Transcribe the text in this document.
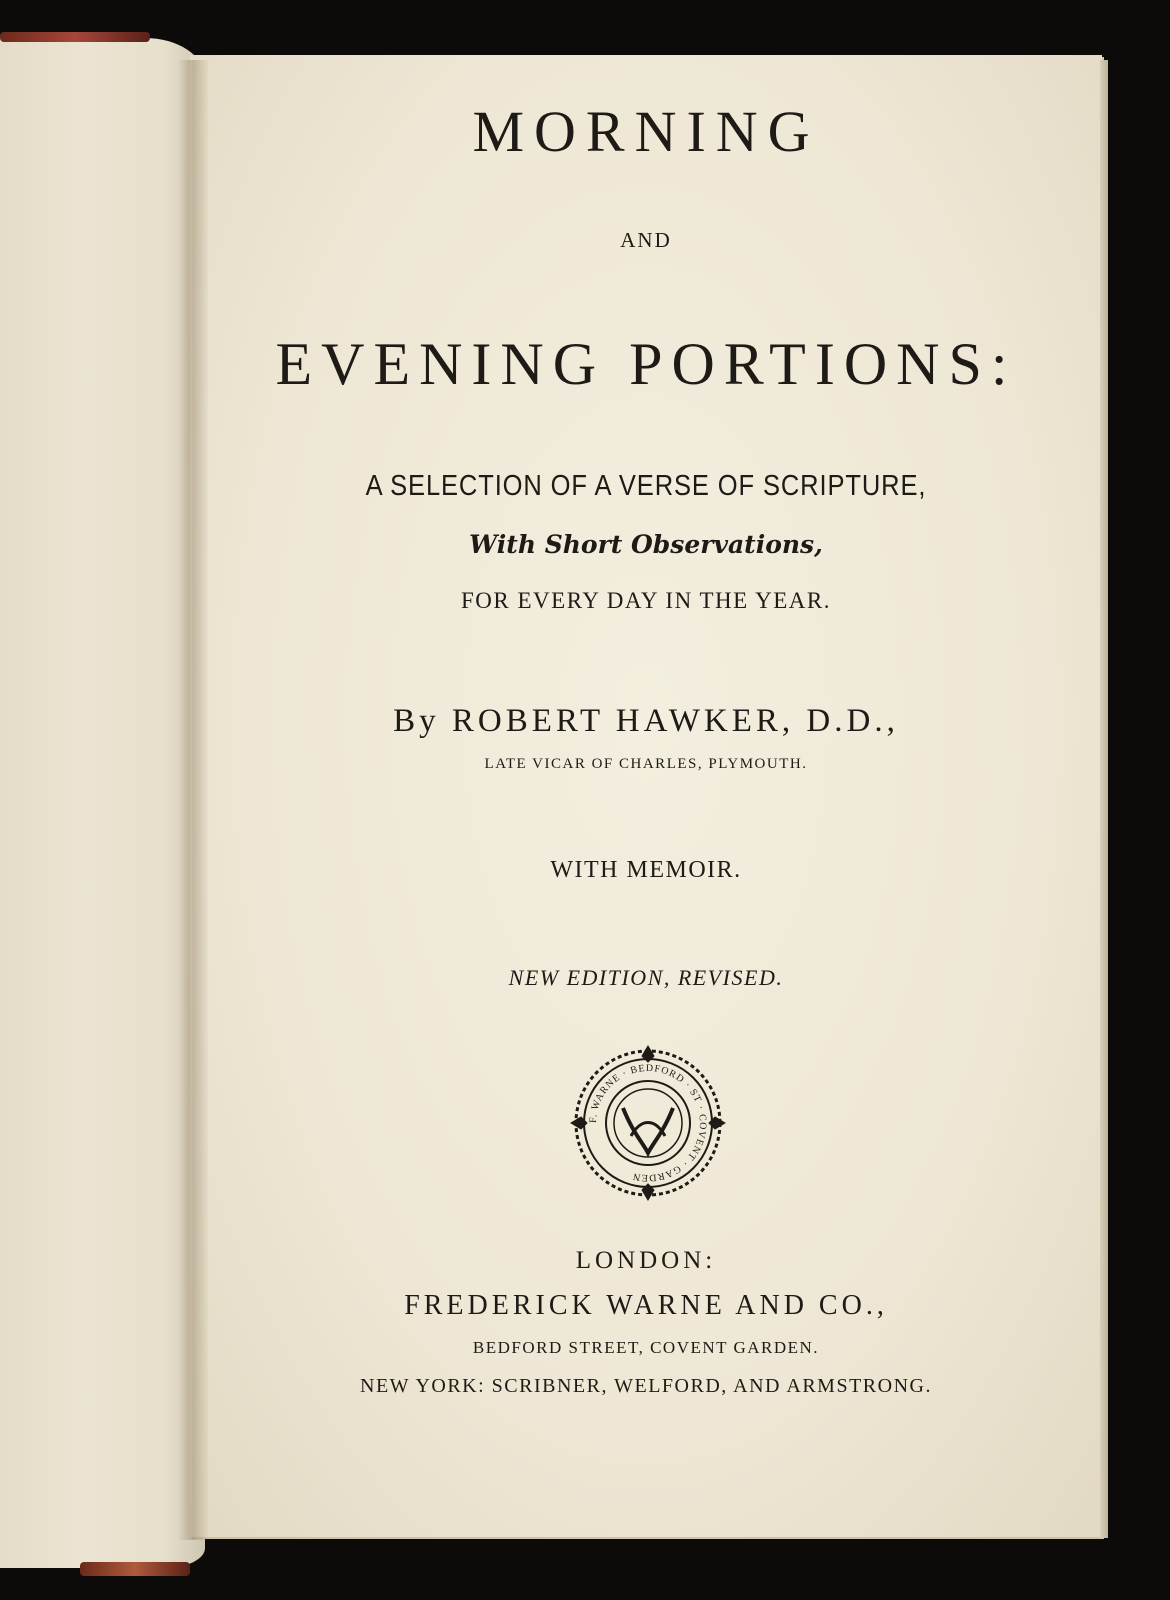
MORNING
AND
EVENING PORTIONS:
A SELECTION OF A VERSE OF SCRIPTURE,
With Short Observations,
FOR EVERY DAY IN THE YEAR.
By ROBERT HAWKER, D.D.,
LATE VICAR OF CHARLES, PLYMOUTH.
WITH MEMOIR.
NEW EDITION, REVISED.
F. WARNE · BEDFORD · ST · COVENT · GARDEN
LONDON:
FREDERICK WARNE AND CO.,
BEDFORD STREET, COVENT GARDEN.
NEW YORK: SCRIBNER, WELFORD, AND ARMSTRONG.
